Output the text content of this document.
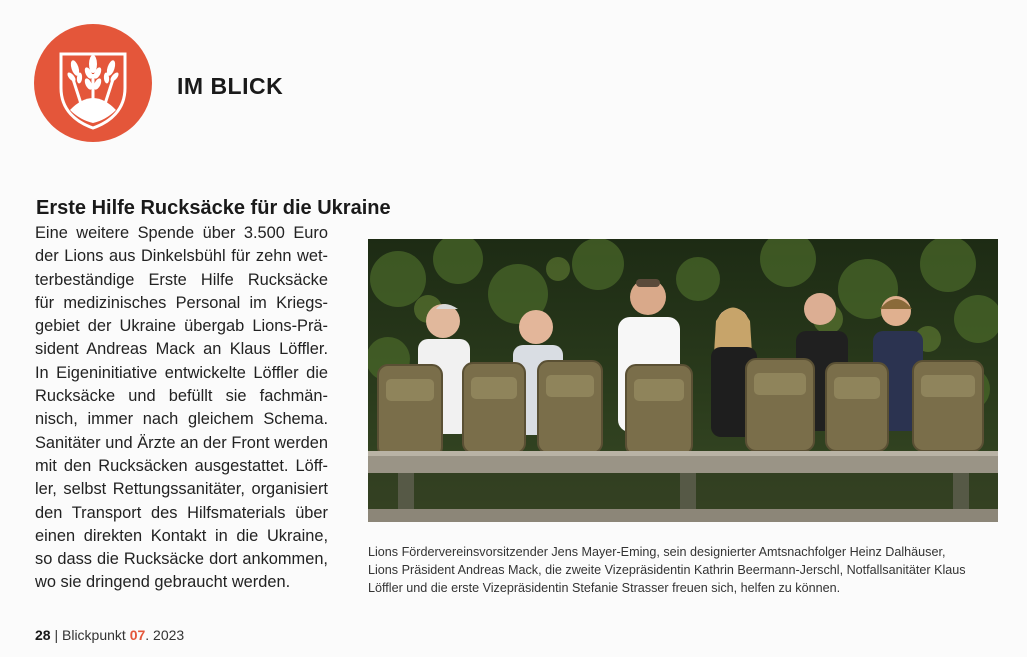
IM BLICK
Erste Hilfe Rucksäcke für die Ukraine
Eine weitere Spende über 3.500 Euro
der Lions aus Dinkelsbühl für zehn wet-
terbeständige Erste Hilfe Rucksäcke
für medizinisches Personal im Kriegs-
gebiet der Ukraine übergab Lions-Prä-
sident Andreas Mack an Klaus Löffler.
In Eigeninitiative entwickelte Löffler die
Rucksäcke und befüllt sie fachmän-
nisch, immer nach gleichem Schema.
Sanitäter und Ärzte an der Front werden
mit den Rucksäcken ausgestattet. Löff-
ler, selbst Rettungssanitäter, organisiert
den Transport des Hilfsmaterials über
einen direkten Kontakt in die Ukraine,
so dass die Rucksäcke dort ankommen,
wo sie dringend gebraucht werden.
Lions Fördervereinsvorsitzender Jens Mayer-Eming, sein designierter Amtsnachfolger Heinz Dalhäuser,
Lions Präsident Andreas Mack, die zweite Vizepräsidentin Kathrin Beermann-Jerschl, Notfallsanitäter Klaus
Löffler und die erste Vizepräsidentin Stefanie Strasser freuen sich, helfen zu können.
28 | Blickpunkt 07. 2023
